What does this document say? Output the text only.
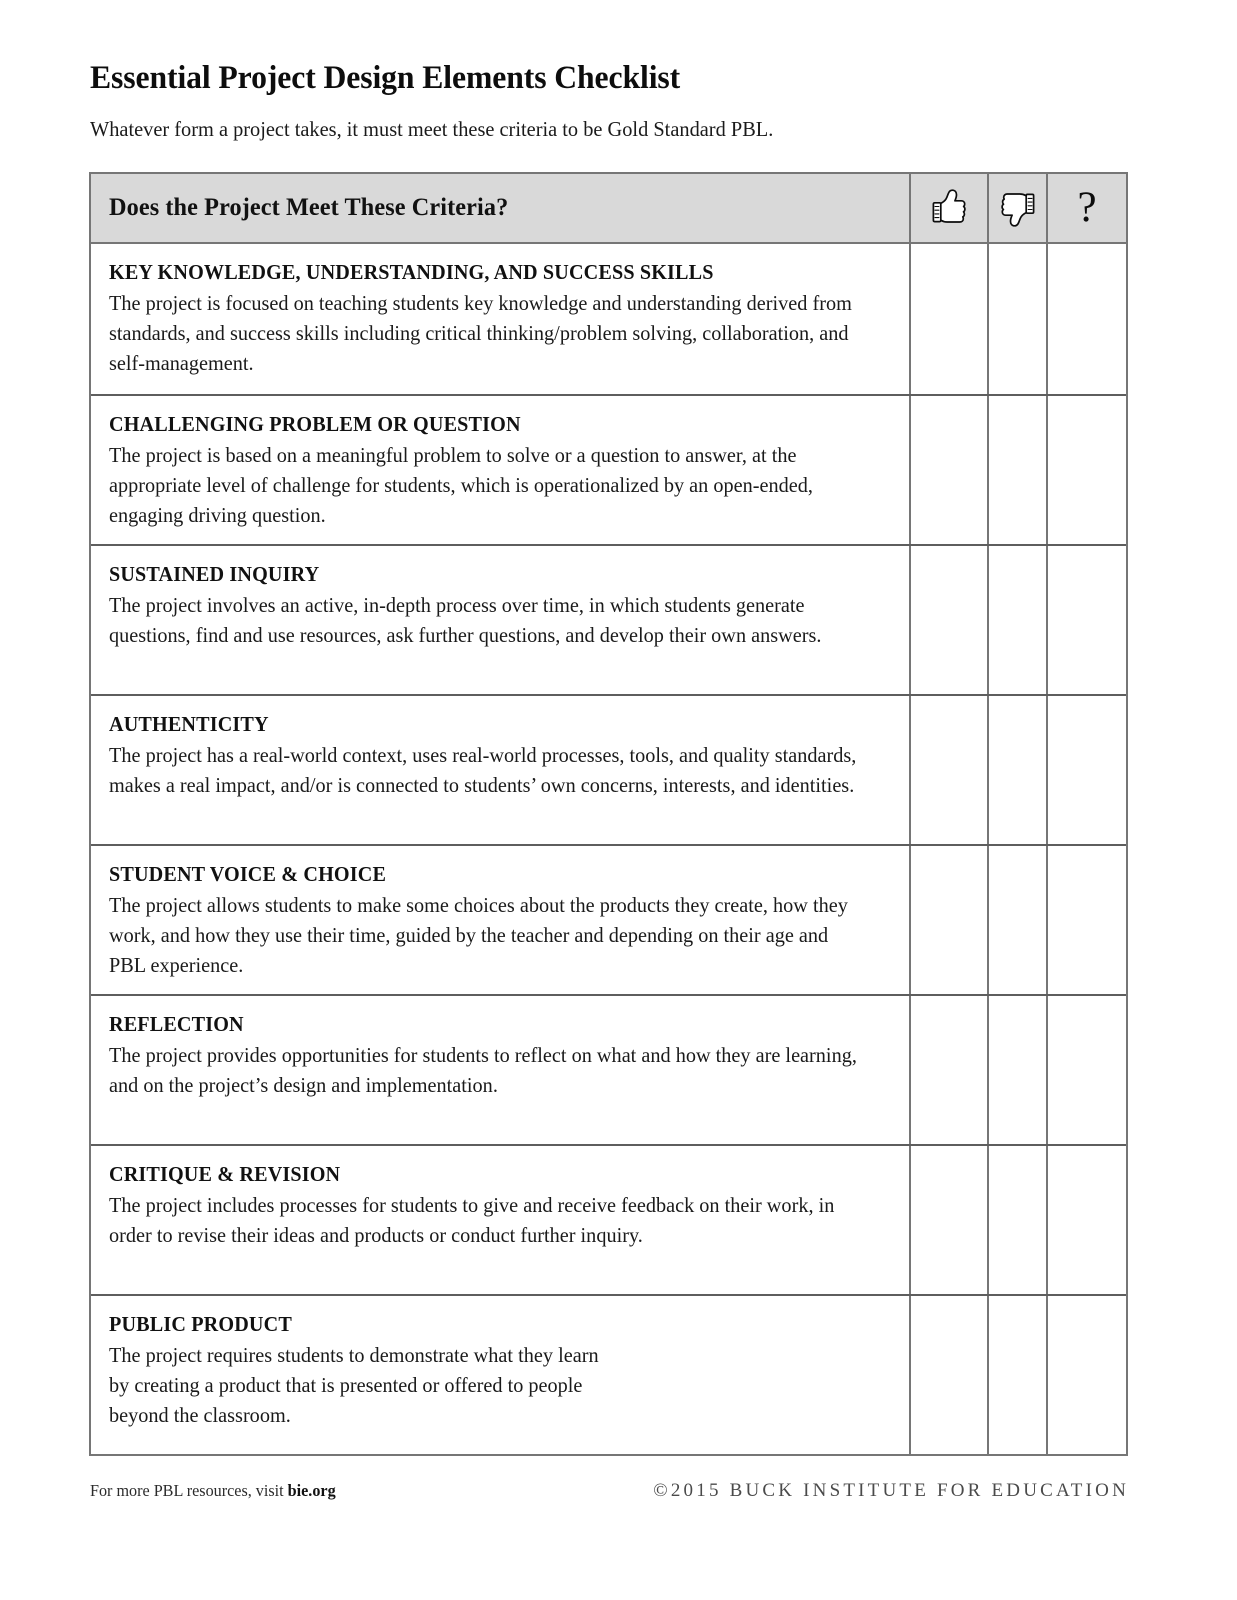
Essential Project Design Elements Checklist

Whatever form a project takes, it must meet these criteria to be Gold Standard PBL.

Does the Project Meet These Criteria?	?
KEY KNOWLEDGE, UNDERSTANDING, AND SUCCESS SKILLS
The project is focused on teaching students key knowledge and understanding derived from standards, and success skills including critical thinking/problem solving, collaboration, and self-management.
CHALLENGING PROBLEM OR QUESTION
The project is based on a meaningful problem to solve or a question to answer, at the appropriate level of challenge for students, which is operationalized by an open-ended, engaging driving question.
SUSTAINED INQUIRY
The project involves an active, in-depth process over time, in which students generate questions, find and use resources, ask further questions, and develop their own answers.
AUTHENTICITY
The project has a real-world context, uses real-world processes, tools, and quality standards, makes a real impact, and/or is connected to students’ own concerns, interests, and identities.
STUDENT VOICE & CHOICE
The project allows students to make some choices about the products they create, how they work, and how they use their time, guided by the teacher and depending on their age and PBL experience.
REFLECTION
The project provides opportunities for students to reflect on what and how they are learning, and on the project’s design and implementation.
CRITIQUE & REVISION
The project includes processes for students to give and receive feedback on their work, in order to revise their ideas and products or conduct further inquiry.
PUBLIC PRODUCT
The project requires students to demonstrate what they learn
by creating a product that is presented or offered to people
beyond the classroom.
For more PBL resources, visit bie.org	©2015 BUCK INSTITUTE FOR EDUCATION
